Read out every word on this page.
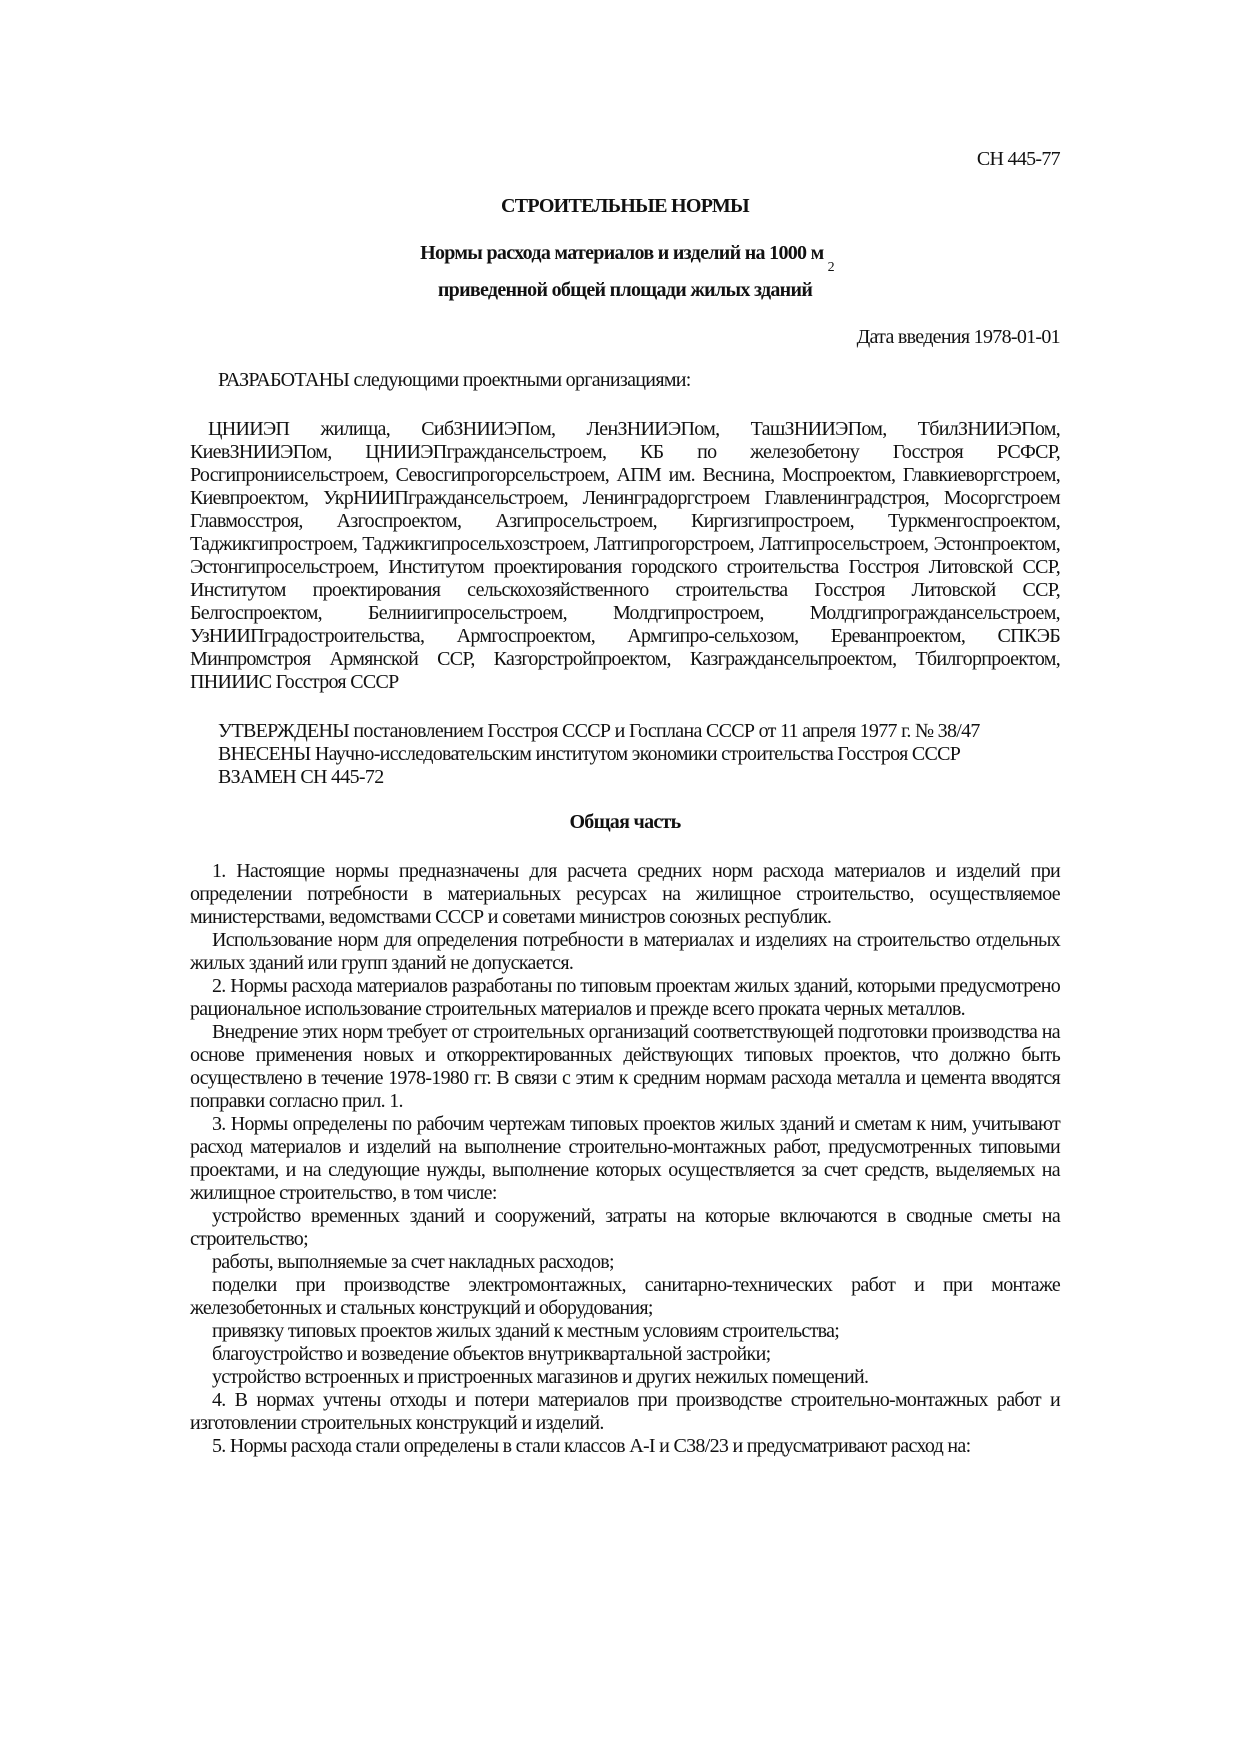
СН 445-77
СТРОИТЕЛЬНЫЕ НОРМЫ
Нормы расхода материалов и изделий на 1000 $м_2$
приведенной общей площади жилых зданий
Дата введения 1978-01-01

РАЗРАБОТАНЫ следующими проектными организациями:

ЦНИИЭП жилища, СибЗНИИЭПом, ЛенЗНИИЭПом, ТашЗНИИЭПом, ТбилЗНИИЭПом, КиевЗНИИЭПом, ЦНИИЭПграждансельстроем, КБ по железобетону Госстроя РСФСР, Росгипрониисельстроем, Севосгипрогорсельстроем, АПМ им. Веснина, Моспроектом, Главкиеворгстроем, Киевпроектом, УкрНИИПграждансельстроем, Ленинградоргстроем Главленинградстроя, Мосоргстроем Главмосстроя, Азгоспроектом, Азгипросельстроем, Киргизгипростроем, Туркменгоспроектом, Таджикгипростроем, Таджикгипросельхозстроем, Латгипрогорстроем, Латгипросельстроем, Эстонпроектом, Эстонгипросельстроем, Институтом проектирования городского строительства Госстроя Литовской ССР, Институтом проектирования сельскохозяйственного строительства Госстроя Литовской ССР, Белгоспроектом, Белниигипросельстроем, Молдгипростроем, Молдгипрограждансельстроем, УзНИИПградостроительства, Армгоспроектом, Армгипро-сельхозом, Ереванпроектом, СПКЭБ Минпромстроя Армянской ССР, Казгорстройпроектом, Казграждансельпроектом, Тбилгорпроектом, ПНИИИС Госстроя СССР

УТВЕРЖДЕНЫ постановлением Госстроя СССР и Госплана СССР от 11 апреля 1977 г. № 38/47

ВНЕСЕНЫ Научно-исследовательским институтом экономики строительства Госстроя СССР

ВЗАМЕН СН 445-72

Общая часть

1. Настоящие нормы предназначены для расчета средних норм расхода материалов и изделий при определении потребности в материальных ресурсах на жилищное строительство, осуществляемое министерствами, ведомствами СССР и советами министров союзных республик.

Использование норм для определения потребности в материалах и изделиях на строительство отдельных жилых зданий или групп зданий не допускается.

2. Нормы расхода материалов разработаны по типовым проектам жилых зданий, которыми предусмотрено рациональное использование строительных материалов и прежде всего проката черных металлов.

Внедрение этих норм требует от строительных организаций соответствующей подготовки производства на основе применения новых и откорректированных действующих типовых проектов, что должно быть осуществлено в течение 1978-1980 гг. В связи с этим к средним нормам расхода металла и цемента вводятся поправки согласно прил. 1.

3. Нормы определены по рабочим чертежам типовых проектов жилых зданий и сметам к ним, учитывают расход материалов и изделий на выполнение строительно-монтажных работ, предусмотренных типовыми проектами, и на следующие нужды, выполнение которых осуществляется за счет средств, выделяемых на жилищное строительство, в том числе:

устройство временных зданий и сооружений, затраты на которые включаются в сводные сметы на строительство;

работы, выполняемые за счет накладных расходов;

поделки при производстве электромонтажных, санитарно-технических работ и при монтаже железобетонных и стальных конструкций и оборудования;

привязку типовых проектов жилых зданий к местным условиям строительства;

благоустройство и возведение объектов внутриквартальной застройки;

устройство встроенных и пристроенных магазинов и других нежилых помещений.

4. В нормах учтены отходы и потери материалов при производстве строительно-монтажных работ и изготовлении строительных конструкций и изделий.

5. Нормы расхода стали определены в стали классов А-I и С38/23 и предусматривают расход на:
